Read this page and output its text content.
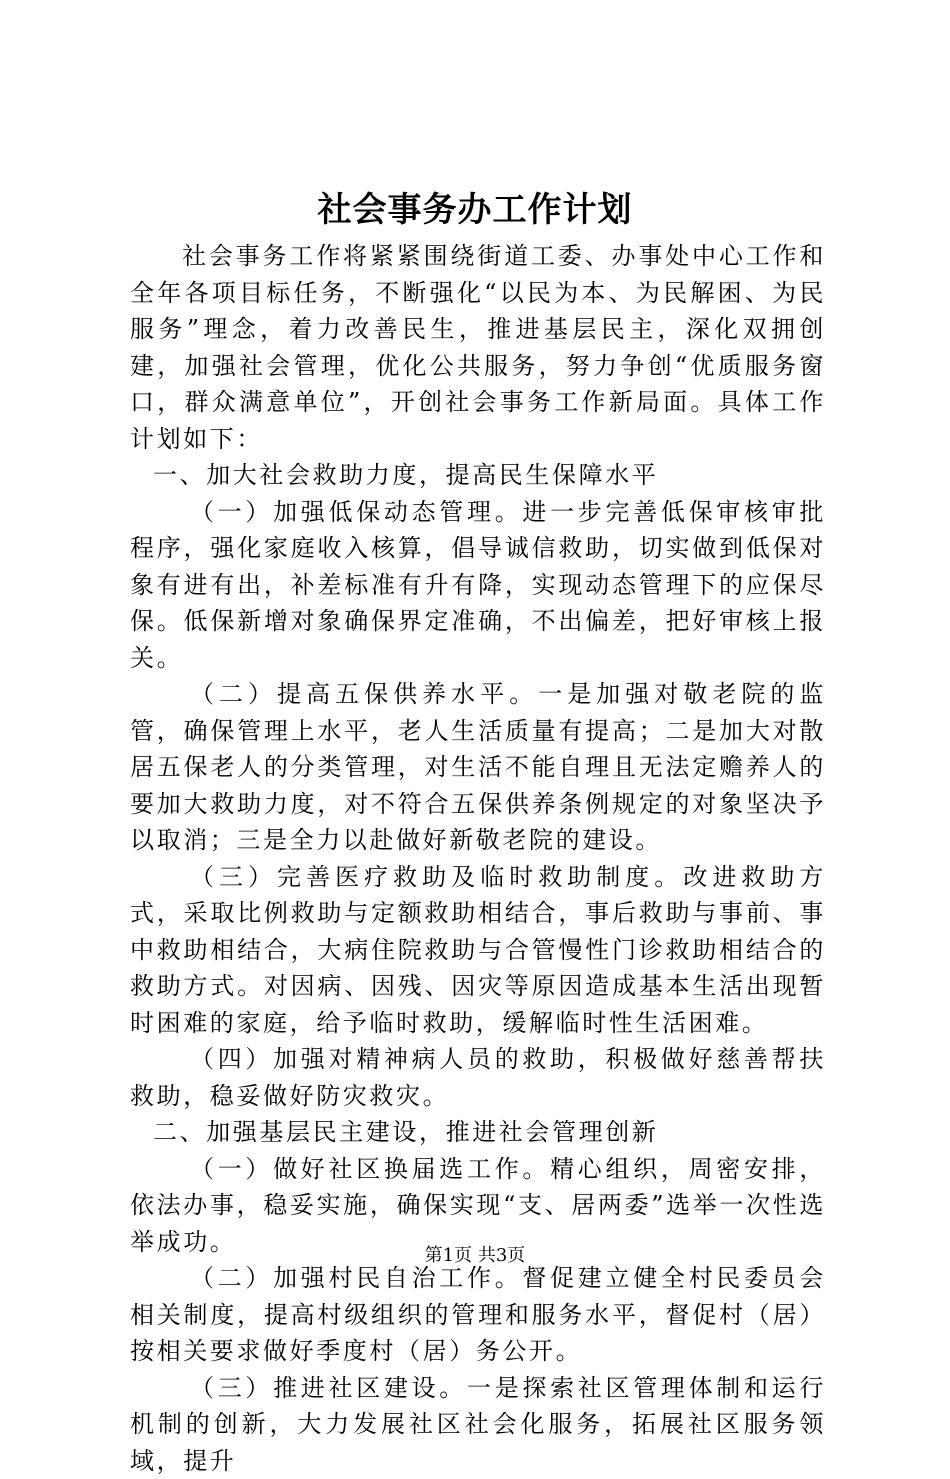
社会事务办工作计划

社会事务工作将紧紧围绕街道工委、办事处中心工作和全年各项目标任务，不断强化“以民为本、为民解困、为民服务”理念，着力改善民生，推进基层民主，深化双拥创建，加强社会管理，优化公共服务，努力争创“优质服务窗口，群众满意单位”，开创社会事务工作新局面。具体工作计划如下：

一、加大社会救助力度，提高民生保障水平

（一）加强低保动态管理。进一步完善低保审核审批程序，强化家庭收入核算，倡导诚信救助，切实做到低保对象有进有出，补差标准有升有降，实现动态管理下的应保尽保。低保新增对象确保界定准确，不出偏差，把好审核上报关。

（二）提高五保供养水平。一是加强对敬老院的监管，确保管理上水平，老人生活质量有提高；二是加大对散居五保老人的分类管理，对生活不能自理且无法定赡养人的要加大救助力度，对不符合五保供养条例规定的对象坚决予以取消；三是全力以赴做好新敬老院的建设。

（三）完善医疗救助及临时救助制度。改进救助方式，采取比例救助与定额救助相结合，事后救助与事前、事中救助相结合，大病住院救助与合管慢性门诊救助相结合的救助方式。对因病、因残、因灾等原因造成基本生活出现暂时困难的家庭，给予临时救助，缓解临时性生活困难。

（四）加强对精神病人员的救助，积极做好慈善帮扶救助，稳妥做好防灾救灾。

二、加强基层民主建设，推进社会管理创新

（一）做好社区换届选工作。精心组织，周密安排，依法办事，稳妥实施，确保实现“支、居两委”选举一次性选举成功。

（二）加强村民自治工作。督促建立健全村民委员会相关制度，提高村级组织的管理和服务水平，督促村（居）按相关要求做好季度村（居）务公开。

（三）推进社区建设。一是探索社区管理体制和运行机制的创新，大力发展社区社会化服务，拓展社区服务领域，提升

第1页 共3页
